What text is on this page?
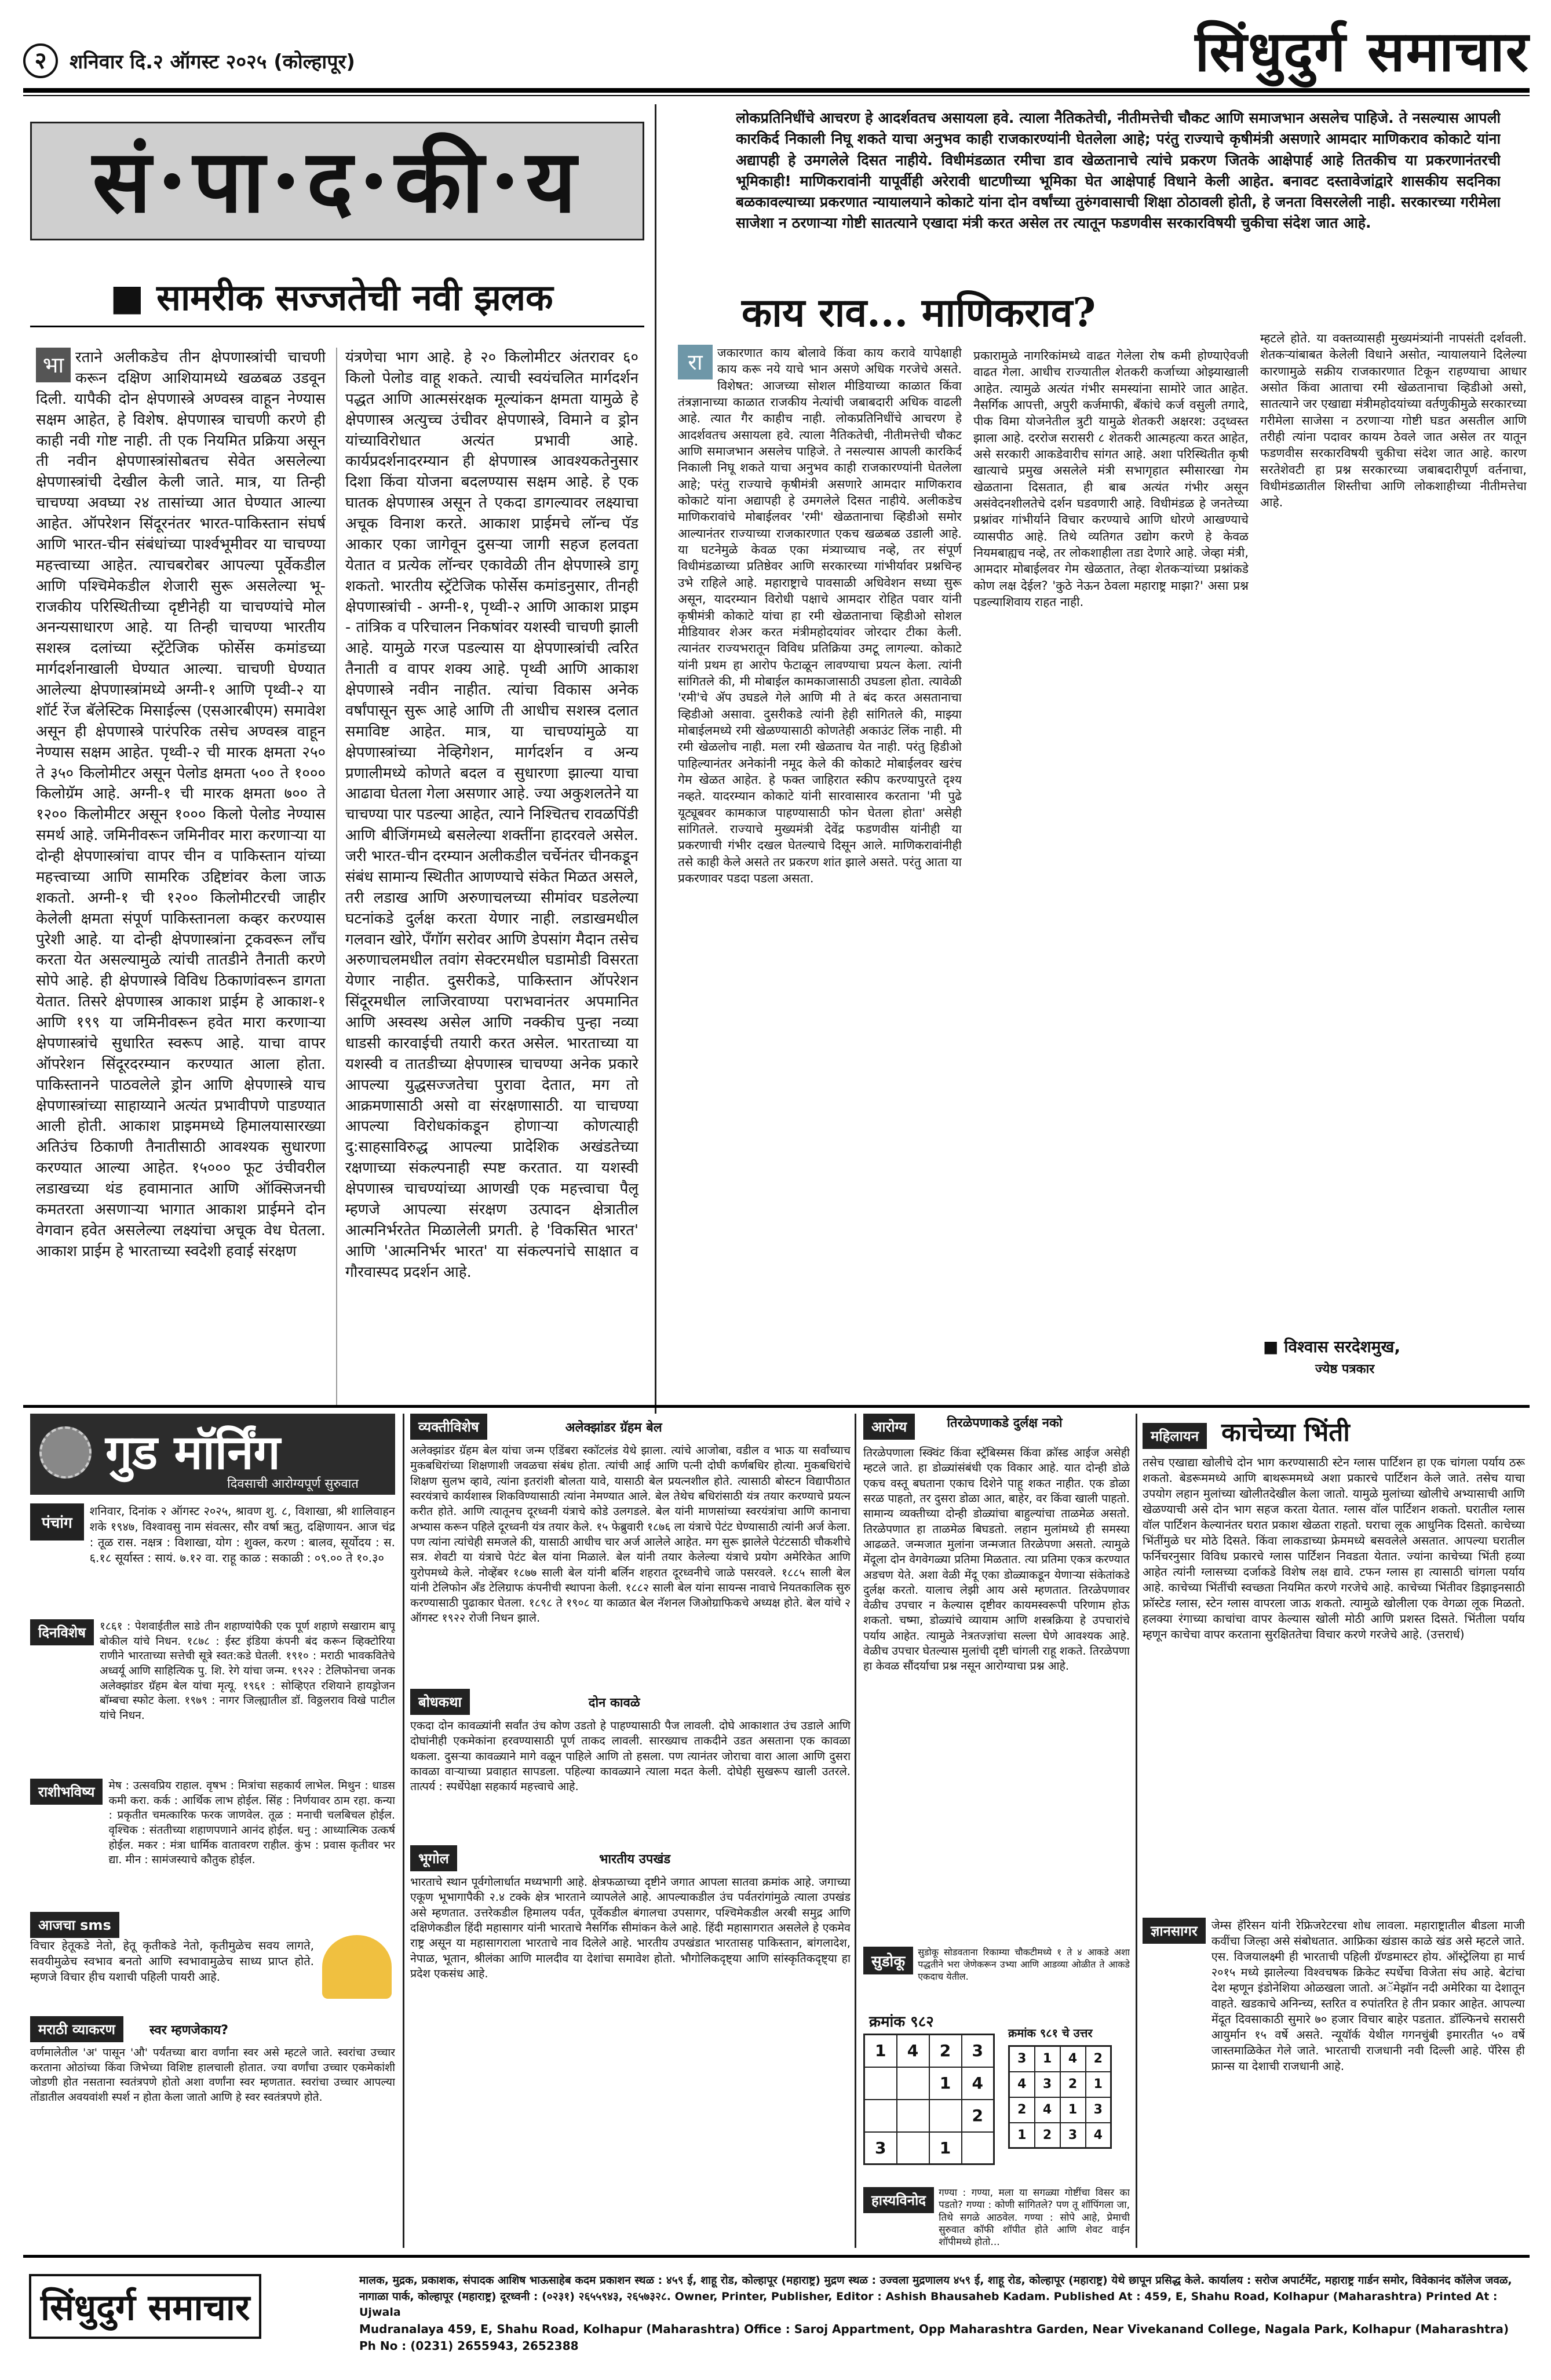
२	शनिवार दि.२ ऑगस्ट २०२५ (कोल्हापूर)	सिंधुदुर्ग समाचार
सं·पा·द·की·य
■ सामरीक सज्जतेची नवी झलक
भा रताने अलीकडेच तीन क्षेपणास्त्रांची चाचणी करून दक्षिण आशियामध्ये खळबळ उडवून दिली. यापैकी दोन क्षेपणास्त्रे अण्वस्त्र वाहून नेण्यास सक्षम आहेत, हे विशेष. क्षेपणास्त्र चाचणी करणे ही काही नवी गोष्ट नाही. ती एक नियमित प्रक्रिया असून ती नवीन क्षेपणास्त्रांसोबतच सेवेत असलेल्या क्षेपणास्त्रांची देखील केली जाते. मात्र, या तिन्ही चाचण्या अवघ्या २४ तासांच्या आत घेण्यात आल्या आहेत. ऑपरेशन सिंदूरनंतर भारत-पाकिस्तान संघर्ष आणि भारत-चीन संबंधांच्या पार्श्वभूमीवर या चाचण्या महत्त्वाच्या आहेत. त्याचबरोबर आपल्या पूर्वेकडील आणि पश्चिमेकडील शेजारी सुरू असलेल्या भू-राजकीय परिस्थितीच्या दृष्टीनेही या चाचण्यांचे मोल अनन्यसाधारण आहे. या तिन्ही चाचण्या भारतीय सशस्त्र दलांच्या स्ट्रॅटेजिक फोर्सेस कमांडच्या मार्गदर्शनाखाली घेण्यात आल्या. चाचणी घेण्यात आलेल्या क्षेपणास्त्रांमध्ये अग्नी-१ आणि पृथ्वी-२ या शॉर्ट रेंज बॅलेस्टिक मिसाईल्स (एसआरबीएम) समावेश असून ही क्षेपणास्त्रे पारंपरिक तसेच अण्वस्त्र वाहून नेण्यास सक्षम आहेत. पृथ्वी-२ ची मारक क्षमता २५० ते ३५० किलोमीटर असून पेलोड क्षमता ५०० ते १००० किलोग्रॅम आहे. अग्नी-१ ची मारक क्षमता ७०० ते १२०० किलोमीटर असून १००० किलो पेलोड नेण्यास समर्थ आहे. जमिनीवरून जमिनीवर मारा करणाऱ्या या दोन्ही क्षेपणास्त्रांचा वापर चीन व पाकिस्तान यांच्या महत्त्वाच्या आणि सामरिक उद्दिष्टांवर केला जाऊ शकतो. अग्नी-१ ची १२०० किलोमीटरची जाहीर केलेली क्षमता संपूर्ण पाकिस्तानला कव्हर करण्यास पुरेशी आहे. या दोन्ही क्षेपणास्त्रांना ट्रकवरून लॉंच करता येत असल्यामुळे त्यांची तातडीने तैनाती करणे सोपे आहे. ही क्षेपणास्त्रे विविध ठिकाणांवरून डागता येतात. तिसरे क्षेपणास्त्र आकाश प्राईम हे आकाश-१ आणि १९९ या जमिनीवरून हवेत मारा करणाऱ्या क्षेपणास्त्रांचे सुधारित स्वरूप आहे. याचा वापर ऑपरेशन सिंदूरदरम्यान करण्यात आला होता. पाकिस्तानने पाठवलेले ड्रोन आणि क्षेपणास्त्रे याच क्षेपणास्त्रांच्या साहाय्याने अत्यंत प्रभावीपणे पाडण्यात आली होती. आकाश प्राइममध्ये हिमालयासारख्या अतिउंच ठिकाणी तैनातीसाठी आवश्यक सुधारणा करण्यात आल्या आहेत. १५००० फूट उंचीवरील लडाखच्या थंड हवामानात आणि ऑक्सिजनची कमतरता असणाऱ्या भागात आकाश प्राईमने दोन वेगवान हवेत असलेल्या लक्ष्यांचा अचूक वेध घेतला. आकाश प्राईम हे भारताच्या स्वदेशी हवाई संरक्षण
यंत्रणेचा भाग आहे. हे २० किलोमीटर अंतरावर ६० किलो पेलोड वाहू शकते. त्याची स्वयंचलित मार्गदर्शन पद्धत आणि आत्मसंरक्षक मूल्यांकन क्षमता यामुळे हे क्षेपणास्त्र अत्युच्च उंचीवर क्षेपणास्त्रे, विमाने व ड्रोन यांच्याविरोधात अत्यंत प्रभावी आहे. कार्यप्रदर्शनादरम्यान ही क्षेपणास्त्र आवश्यकतेनुसार दिशा किंवा योजना बदलण्यास सक्षम आहे. हे एक घातक क्षेपणास्त्र असून ते एकदा डागल्यावर लक्ष्याचा अचूक विनाश करते. आकाश प्राईमचे लॉन्च पॅड आकार एका जागेवून दुसऱ्या जागी सहज हलवता येतात व प्रत्येक लॉन्चर एकावेळी तीन क्षेपणास्त्रे डागू शकतो. भारतीय स्ट्रॅटेजिक फोर्सेस कमांडनुसार, तीनही क्षेपणास्त्रांची - अग्नी-१, पृथ्वी-२ आणि आकाश प्राइम - तांत्रिक व परिचालन निकषांवर यशस्वी चाचणी झाली आहे. यामुळे गरज पडल्यास या क्षेपणास्त्रांची त्वरित तैनाती व वापर शक्य आहे. पृथ्वी आणि आकाश क्षेपणास्त्रे नवीन नाहीत. त्यांचा विकास अनेक वर्षांपासून सुरू आहे आणि ती आधीच सशस्त्र दलात समाविष्ट आहेत. मात्र, या चाचण्यांमुळे या क्षेपणास्त्रांच्या नेव्हिगेशन, मार्गदर्शन व अन्य प्रणालीमध्ये कोणते बदल व सुधारणा झाल्या याचा आढावा घेतला गेला असणार आहे. ज्या अकुशलतेने या चाचण्या पार पडल्या आहेत, त्याने निश्चितच रावळपिंडी आणि बीजिंगमध्ये बसलेल्या शक्तींना हादरवले असेल. जरी भारत-चीन दरम्यान अलीकडील चर्चेनंतर चीनकडून संबंध सामान्य स्थितीत आणण्याचे संकेत मिळत असले, तरी लडाख आणि अरुणाचलच्या सीमांवर घडलेल्या घटनांकडे दुर्लक्ष करता येणार नाही. लडाखमधील गलवान खोरे, पॅंगॉग सरोवर आणि डेपसांग मैदान तसेच अरुणाचलमधील तवांग सेक्टरमधील घडामोडी विसरता येणार नाहीत. दुसरीकडे, पाकिस्तान ऑपरेशन सिंदूरमधील लाजिरवाण्या पराभवानंतर अपमानित आणि अस्वस्थ असेल आणि नक्कीच पुन्हा नव्या धाडसी कारवाईची तयारी करत असेल. भारताच्या या यशस्वी व तातडीच्या क्षेपणास्त्र चाचण्या अनेक प्रकारे आपल्या युद्धसज्जतेचा पुरावा देतात, मग तो आक्रमणासाठी असो वा संरक्षणासाठी. या चाचण्या आपल्या विरोधकांकडून होणाऱ्या कोणत्याही दु:साहसाविरुद्ध आपल्या प्रादेशिक अखंडतेच्या रक्षणाच्या संकल्पनाही स्पष्ट करतात. या यशस्वी क्षेपणास्त्र चाचण्यांच्या आणखी एक महत्त्वाचा पैलू म्हणजे आपल्या संरक्षण उत्पादन क्षेत्रातील आत्मनिर्भरतेत मिळालेली प्रगती. हे 'विकसित भारत' आणि 'आत्मनिर्भर भारत' या संकल्पनांचे साक्षात व गौरवास्पद प्रदर्शन आहे.
लोकप्रतिनिधींचे आचरण हे आदर्शवतच असायला हवे. त्याला नैतिकतेची, नीतीमत्तेची चौकट आणि समाजभान असलेच पाहिजे. ते नसल्यास आपली कारकिर्द निकाली निघू शकते याचा अनुभव काही राजकारण्यांनी घेतलेला आहे; परंतु राज्याचे कृषीमंत्री असणारे आमदार माणिकराव कोकाटे यांना अद्यापही हे उमगलेले दिसत नाहीये. विधीमंडळात रमीचा डाव खेळतानाचे त्यांचे प्रकरण जितके आक्षेपार्ह आहे तितकीच या प्रकरणानंतरची भूमिकाही! माणिकरावांनी यापूर्वीही अरेरावी धाटणीच्या भूमिका घेत आक्षेपार्ह विधाने केली आहेत. बनावट दस्तावेजांद्वारे शासकीय सदनिका बळकावल्याच्या प्रकरणात न्यायालयाने कोकाटे यांना दोन वर्षांच्या तुरुंगवासाची शिक्षा ठोठावली होती, हे जनता विसरलेली नाही. सरकारच्या गरीमेला साजेशा न ठरणाऱ्या गोष्टी सातत्याने एखादा मंत्री करत असेल तर त्यातून फडणवीस सरकारविषयी चुकीचा संदेश जात आहे.
काय राव... माणिकराव?
रा	जकारणात काय बोलावे किंवा काय करावे यापेक्षाही काय करू नये याचे भान असणे अधिक गरजेचे असते. विशेषत: आजच्या सोशल मीडियाच्या काळात किंवा तंत्रज्ञानाच्या काळात राजकीय नेत्यांची जबाबदारी अधिक वाढली आहे. त्यात गैर काहीच नाही. लोकप्रतिनिधींचे आचरण हे आदर्शवतच असायला हवे. त्याला नैतिकतेची, नीतीमत्तेची चौकट आणि समाजभान असलेच पाहिजे. ते नसल्यास आपली कारकिर्द निकाली निघू शकते याचा अनुभव काही राजकारण्यांनी घेतलेला आहे; परंतु राज्याचे कृषीमंत्री असणारे आमदार माणिकराव कोकाटे यांना अद्यापही हे उमगलेले दिसत नाहीये. अलीकडेच माणिकरावांचे मोबाईलवर 'रमी' खेळतानाचा व्हिडीओ समोर आल्यानंतर राज्याच्या राजकारणात एकच खळबळ उडाली आहे. या घटनेमुळे केवळ एका मंत्र्याच्याच नव्हे, तर संपूर्ण विधीमंडळाच्या प्रतिष्ठेवर आणि सरकारच्या गांभीर्यावर प्रश्नचिन्ह उभे राहिले आहे. महाराष्ट्राचे पावसाळी अधिवेशन सध्या सुरू असून, यादरम्यान विरोधी पक्षाचे आमदार रोहित पवार यांनी कृषीमंत्री कोकाटे यांचा हा रमी खेळतानाचा व्हिडीओ सोशल मीडियावर शेअर करत मंत्रीमहोदयांवर जोरदार टीका केली. त्यानंतर राज्यभरातून विविध प्रतिक्रिया उमटू लागल्या. कोकाटे यांनी प्रथम हा आरोप फेटाळून लावण्याचा प्रयत्न केला. त्यांनी सांगितले की, मी मोबाईल कामकाजासाठी उघडला होता. त्यावेळी 'रमी'चे ॲप उघडले गेले आणि मी ते बंद करत असतानाचा व्हिडीओ असावा. दुसरीकडे त्यांनी हेही सांगितले की, माझ्या मोबाईलमध्ये रमी खेळण्यासाठी कोणतेही अकाउंट लिंक नाही. मी रमी खेळलोच नाही. मला रमी खेळताच येत नाही. परंतु हिडीओ पाहिल्यानंतर अनेकांनी नमूद केले की कोकाटे मोबाईलवर खरंच गेम खेळत आहेत. हे फक्त जाहिरात स्कीप करण्यापुरते दृश्य नव्हते. यादरम्यान कोकाटे यांनी सारवासारव करताना 'मी पुढे यूट्यूबवर कामकाज पाहण्यासाठी फोन घेतला होता' असेही सांगितले. राज्याचे मुख्यमंत्री देवेंद्र फडणवीस यांनीही या प्रकरणाची गंभीर दखल घेतल्याचे दिसून आले. माणिकरावांनीही तसे काही केले असते तर प्रकरण शांत झाले असते. परंतु आता या प्रकरणावर पडदा पडला असता.
प्रकारामुळे नागरिकांमध्ये वाढत गेलेला रोष कमी होण्याऐवजी वाढत गेला. आधीच राज्यातील शेतकरी कर्जाच्या ओझ्याखाली आहेत. त्यामुळे अत्यंत गंभीर समस्यांना सामोरे जात आहेत. नैसर्गिक आपत्ती, अपुरी कर्जमाफी, बँकांचे कर्ज वसुली तगादे, पीक विमा योजनेतील त्रुटी यामुळे शेतकरी अक्षरश: उद्ध्वस्त झाला आहे. दररोज सरासरी ८ शेतकरी आत्महत्या करत आहेत, असे सरकारी आकडेवारीच सांगत आहे. अशा परिस्थितीत कृषी खात्याचे प्रमुख असलेले मंत्री सभागृहात स्मीसारखा गेम खेळताना दिसतात, ही बाब अत्यंत गंभीर असून असंवेदनशीलतेचे दर्शन घडवणारी आहे. विधीमंडळ हे जनतेच्या प्रश्नांवर गांभीर्याने विचार करण्याचे आणि धोरणे आखण्याचे व्यासपीठ आहे. तिथे व्यतिगत उद्योग करणे हे केवळ नियमबाह्यच नव्हे, तर लोकशाहीला तडा देणारे आहे. जेव्हा मंत्री, आमदार मोबाईलवर गेम खेळतात, तेव्हा शेतकऱ्यांच्या प्रश्नांकडे कोण लक्ष देईल? 'कुठे नेऊन ठेवला महाराष्ट्र माझा?' असा प्रश्न पडल्याशिवाय राहत नाही.
म्हटले होते. या वक्तव्यासही मुख्यमंत्र्यांनी नापसंती दर्शवली. शेतकऱ्यांबाबत केलेली विधाने असोत, न्यायालयाने दिलेल्या कारणामुळे सक्रीय राजकारणात टिकून राहण्याचा आधार असोत किंवा आताचा रमी खेळतानाचा व्हिडीओ असो, सातत्याने जर एखाद्या मंत्रीमहोदयांच्या वर्तणुकीमुळे सरकारच्या गरीमेला साजेसा न ठरणाऱ्या गोष्टी घडत असतील आणि तरीही त्यांना पदावर कायम ठेवले जात असेल तर यातून फडणवीस सरकारविषयी चुकीचा संदेश जात आहे. कारण सरतेशेवटी हा प्रश्न सरकारच्या जबाबदारीपूर्ण वर्तनाचा, विधीमंडळातील शिस्तीचा आणि लोकशाहीच्या नीतीमत्तेचा आहे.
■ विश्वास सरदेशमुख,
ज्येष्ठ पत्रकार
गुड मॉर्निंग
दिवसाची आरोग्यपूर्ण सुरुवात
पंचांग
शनिवार, दिनांक २ ऑगस्ट २०२५, श्रावण शु. ८, विशाखा, श्री शालिवाहन शके १९४७, विश्वावसु नाम संवत्सर, सौर वर्षा ऋतु, दक्षिणायन. आज चंद्र : तूळ रास. नक्षत्र : विशाखा, योग : शुक्ल, करण : बालव, सूर्योदय : स. ६.१८ सूर्यास्त : सायं. ७.१२ वा. राहू काळ : सकाळी : ०९.०० ते १०.३०
दिनविशेष	१८६१ : पेशवाईतील साडे तीन शहाण्यांपैकी एक पूर्ण शहाणे सखाराम बापू बोकील यांचे निधन. १८७८ : ईस्ट इंडिया कंपनी बंद करून व्हिक्टोरिया राणीने भारताच्या सत्तेची सूत्रे स्वत:कडे घेतली. १९१० : मराठी भावकवितेचे अध्वर्यू आणि साहित्यिक पु. शि. रेगे यांचा जन्म. १९२२ : टेलिफोनचा जनक अलेक्झांडर ग्रॅहम बेल यांचा मृत्यू. १९६१ : सोव्हिएत रशियाने हायड्रोजन बॉम्बचा स्फोट केला. १९७९ : नागर जिल्ह्यातील डॉ. विठ्ठलराव विखे पाटील यांचे निधन.
राशीभविष्य	मेष : उत्सवप्रिय राहाल. वृषभ : मित्रांचा सहकार्य लाभेल. मिथुन : धाडस कमी करा. कर्क : आर्थिक लाभ होईल. सिंह : निर्णयावर ठाम रहा. कन्या : प्रकृतीत चमत्कारिक फरक जाणवेल. तूळ : मनाची चलबिचल होईल. वृश्चिक : संततीच्या शहाणपणाने आनंद होईल. धनु : आध्यात्मिक उत्कर्ष होईल. मकर : मंत्रा धार्मिक वातावरण राहील. कुंभ : प्रवास कृतीवर भर द्या. मीन : सामंजस्याचे कौतुक होईल.
आजचा sms
विचार हेतूकडे नेतो, हेतू कृतीकडे नेतो, कृतीमुळेच सवय लागते, सवयीमुळेच स्वभाव बनतो आणि स्वभावामुळेच साध्य प्राप्त होते. म्हणजे विचार हीच यशाची पहिली पायरी आहे.
मराठी व्याकरण	स्वर म्हणजेकाय?
वर्णमालेतील 'अ' पासून 'औ' पर्यंतच्या बारा वर्णांना स्वर असे म्हटले जाते. स्वरांचा उच्चार करताना ओठांच्या किंवा जिभेच्या विशिष्ट हालचाली होतात. ज्या वर्णांचा उच्चार एकमेकांशी जोडणी होत नसताना स्वतंत्रपणे होतो अशा वर्णांना स्वर म्हणतात. स्वरांचा उच्चार आपल्या तोंडातील अवयवांशी स्पर्श न होता केला जातो आणि हे स्वर स्वतंत्रपणे होते.
व्यक्तीविशेष	अलेक्झांडर ग्रॅहम बेल
अलेक्झांडर ग्रॅहम बेल यांचा जन्म एडिंबरा स्कॉटलंड येथे झाला. त्यांचे आजोबा, वडील व भाऊ या सर्वांच्याच मुकबधिरांच्या शिक्षणाशी जवळचा संबंध होता. त्यांची आई आणि पत्नी दोघी कर्णबधिर होत्या. मुकबधिरांचे शिक्षण सुलभ व्हावे, त्यांना इतरांशी बोलता यावे, यासाठी बेल प्रयत्नशील होते. त्यासाठी बोस्टन विद्यापीठात स्वरयंत्राचे कार्यशास्त्र शिकविण्यासाठी त्यांना नेमण्यात आले. बेल तेथेच बधिरांसाठी यंत्र तयार करण्याचे प्रयत्न करीत होते. आणि त्यातूनच दूरध्वनी यंत्राचे कोडे उलगडले. बेल यांनी माणसांच्या स्वरयंत्रांचा आणि कानाचा अभ्यास करून पहिले दूरध्वनी यंत्र तयार केले. १५ फेब्रुवारी १८७६ ला यंत्राचे पेटंट घेण्यासाठी त्यांनी अर्ज केला. पण त्यांना त्यांचेही समजले की, यासाठी आधीच चार अर्ज आलेले आहेत. मग सुरू झालेले पेटंटसाठी चौकशीचे सत्र. शेवटी या यंत्राचे पेटंट बेल यांना मिळाले. बेल यांनी तयार केलेल्या यंत्राचे प्रयोग अमेरिकेत आणि युरोपमध्ये केले. नोव्हेंबर १८७७ साली बेल यांनी बर्लिन शहरात दूरध्वनीचे जाळे पसरवले. १८८५ साली बेल यांनी टेलिफोन अँड टेलिग्राफ कंपनीची स्थापना केली. १८८२ साली बेल यांना सायन्स नावाचे नियतकालिक सुरु करण्यासाठी पुढाकार घेतला. १८९८ ते १९०८ या काळात बेल नॅशनल जिओग्राफिकचे अध्यक्ष होते. बेल यांचे २ ऑगस्ट १९२२ रोजी निधन झाले.
बोधकथा	दोन कावळे
एकदा दोन कावळ्यांनी सर्वांत उंच कोण उडतो हे पाहण्यासाठी पैज लावली. दोघे आकाशात उंच उडाले आणि दोघांनीही एकमेकांना हरवण्यासाठी पूर्ण ताकद लावली. सारख्याच ताकदीने उडत असताना एक कावळा थकला. दुसऱ्या कावळ्याने मागे वळून पाहिले आणि तो हसला. पण त्यानंतर जोराचा वारा आला आणि दुसरा कावळा वाऱ्याच्या प्रवाहात सापडला. पहिल्या कावळ्याने त्याला मदत केली. दोघेही सुखरूप खाली उतरले. तात्पर्य : स्पर्धेपेक्षा सहकार्य महत्त्वाचे आहे.
भूगोल	भारतीय उपखंड
भारताचे स्थान पूर्वगोलार्धात मध्यभागी आहे. क्षेत्रफळाच्या दृष्टीने जगात आपला सातवा क्रमांक आहे. जगाच्या एकूण भूभागापैकी २.४ टक्के क्षेत्र भारताने व्यापलेले आहे. आपल्याकडील उंच पर्वतरांगांमुळे त्याला उपखंड असे म्हणतात. उत्तरेकडील हिमालय पर्वत, पूर्वेकडील बंगालचा उपसागर, पश्चिमेकडील अरबी समुद्र आणि दक्षिणेकडील हिंदी महासागर यांनी भारताचे नैसर्गिक सीमांकन केले आहे. हिंदी महासागरात असलेले हे एकमेव राष्ट्र असून या महासागराला भारताचे नाव दिलेले आहे. भारतीय उपखंडात भारतासह पाकिस्तान, बांगलादेश, नेपाळ, भूतान, श्रीलंका आणि मालदीव या देशांचा समावेश होतो. भौगोलिकदृष्ट्या आणि सांस्कृतिकदृष्ट्या हा प्रदेश एकसंध आहे.
आरोग्य	तिरळेपणाकडे दुर्लक्ष नको
तिरळेपणाला स्क्विंट किंवा स्ट्रॅबिस्मस किंवा क्रॉस्ड आईज असेही म्हटले जाते. हा डोळ्यांसंबंधी एक विकार आहे. यात दोन्ही डोळे एकच वस्तू बघताना एकाच दिशेने पाहू शकत नाहीत. एक डोळा सरळ पाहतो, तर दुसरा डोळा आत, बाहेर, वर किंवा खाली पाहतो. सामान्य व्यक्तीच्या दोन्ही डोळ्यांचा बाहुल्यांचा ताळमेळ असतो. तिरळेपणात हा ताळमेळ बिघडतो. लहान मुलांमध्ये ही समस्या आढळते. जन्मजात मुलांना जन्मजात तिरळेपणा असतो. त्यामुळे मेंदूला दोन वेगवेगळ्या प्रतिमा मिळतात. त्या प्रतिमा एकत्र करण्यात अडचण येते. अशा वेळी मेंदू एका डोळ्याकडून येणाऱ्या संकेतांकडे दुर्लक्ष करतो. यालाच लेझी आय असे म्हणतात. तिरळेपणावर वेळीच उपचार न केल्यास दृष्टीवर कायमस्वरूपी परिणाम होऊ शकतो. चष्मा, डोळ्यांचे व्यायाम आणि शस्त्रक्रिया हे उपचारांचे पर्याय आहेत. त्यामुळे नेत्रतज्ज्ञांचा सल्ला घेणे आवश्यक आहे. वेळीच उपचार घेतल्यास मुलांची दृष्टी चांगली राहू शकते. तिरळेपणा हा केवळ सौंदर्याचा प्रश्न नसून आरोग्याचा प्रश्न आहे.
सुडोकू
सुडोकू सोडवताना रिकाम्या चौकटीमध्ये १ ते ४ आकडे अशा पद्धतीने भरा जेणेकरून उभ्या आणि आडव्या ओळीत ते आकडे एकदाच येतील.
क्रमांक ९८२
1	4	2	3
		1	4
			2
3		1	
क्रमांक ९८१ चे उत्तर
3	1	4	2
4	3	2	1
2	4	1	3
1	2	3	4
हास्यविनोद	गण्या : गण्या, मला या सगळ्या गोष्टींचा विसर का पडतो? गण्या : कोणी सांगितले? पण तू शॉपिंगला जा, तिथे सगळे आठवेल. गण्या : सोपे आहे, प्रेमाची सुरुवात कॉफी शॉपीत होते आणि शेवट वाईन शॉपीमध्ये होतो...
महिलायन काचेच्या भिंती
तसेच एखाद्या खोलीचे दोन भाग करण्यासाठी स्टेन ग्लास पार्टिशन हा एक चांगला पर्याय ठरू शकतो. बेडरूममध्ये आणि बाथरूममध्ये अशा प्रकारचे पार्टिशन केले जाते. तसेच याचा उपयोग लहान मुलांच्या खोलीतदेखील केला जातो. यामुळे मुलांच्या खोलीचे अभ्यासाची आणि खेळण्याची असे दोन भाग सहज करता येतात. ग्लास वॉल पार्टिशन शकतो. घरातील ग्लास वॉल पार्टिशन केल्यानंतर घरात प्रकाश खेळता राहतो. घराचा लूक आधुनिक दिसतो. काचेच्या भिंतींमुळे घर मोठे दिसते. किंवा लाकडाच्या फ्रेममध्ये बसवलेले असतात. आपल्या घरातील फर्निचरनुसार विविध प्रकारचे ग्लास पार्टिशन निवडता येतात. ज्यांना काचेच्या भिंती हव्या आहेत त्यांनी ग्लासच्या दर्जाकडे विशेष लक्ष द्यावे. टफन ग्लास हा त्यासाठी चांगला पर्याय आहे. काचेच्या भिंतींची स्वच्छता नियमित करणे गरजेचे आहे. काचेच्या भिंतीवर डिझाइनसाठी फ्रॉस्टेड ग्लास, स्टेन ग्लास वापरला जाऊ शकतो. त्यामुळे खोलीला एक वेगळा लूक मिळतो. हलक्या रंगाच्या काचांचा वापर केल्यास खोली मोठी आणि प्रशस्त दिसते. भिंतीला पर्याय म्हणून काचेचा वापर करताना सुरक्षिततेचा विचार करणे गरजेचे आहे. (उत्तरार्ध)
ज्ञानसागर	जेम्स हॅरिसन यांनी रेफ्रिजरेटरचा शोध लावला. महाराष्ट्रातील बीडला माजी कवींचा जिल्हा असे संबोधतात. आफ्रिका खंडास काळे खंड असे म्हटले जाते. एस. विजयालक्ष्मी ही भारताची पहिली ग्रॅण्डमास्टर होय. ऑस्ट्रेलिया हा मार्च २०१५ मध्ये झालेल्या विश्वचषक क्रिकेट स्पर्धेचा विजेता संघ आहे. बेटांचा देश म्हणून इंडोनेशिया ओळखला जातो. अॅमेझॉन नदी अमेरिका या देशातून वाहते. खडकाचे अनिन्च्य, स्तरित व रुपांतरित हे तीन प्रकार आहेत. आपल्या मेंदूत दिवसाकाठी सुमारे ७० हजार विचार बाहेर पडतात. डॉल्फिनचे सरासरी आयुर्मान १५ वर्षे असते. न्यूयॉर्क येथील गगनचुंबी इमारतीत ५० वर्षे जास्तमाळिकेत गेले जाते. भारताची राजधानी नवी दिल्ली आहे. पॅरिस ही फ्रान्स या देशाची राजधानी आहे.
सिंधुदुर्ग समाचार
मालक, मुद्रक, प्रकाशक, संपादक आशिष भाऊसाहेब कदम प्रकाशन स्थळ : ४५९ ई, शाहू रोड, कोल्हापूर (महाराष्ट्र) मुद्रण स्थळ : उज्वला मुद्रणालय ४५९ ई, शाहू रोड, कोल्हापूर (महाराष्ट्र) येथे छापून प्रसिद्ध केले. कार्यालय : सरोज अपार्टमेंट, महाराष्ट्र गार्डन समोर, विवेकानंद कॉलेज जवळ, नागाळा पार्क, कोल्हापूर (महाराष्ट्र) दूरध्वनी : (०२३१) २६५५९४३, २६५७३२८. Owner, Printer, Publisher, Editor : Ashish Bhausaheb Kadam. Published At : 459, E, Shahu Road, Kolhapur (Maharashtra) Printed At : Ujwala
Mudranalaya 459, E, Shahu Road, Kolhapur (Maharashtra) Office : Saroj Appartment, Opp Maharashtra Garden, Near Vivekanand College, Nagala Park, Kolhapur (Maharashtra) Ph No : (0231) 2655943, 2652388
